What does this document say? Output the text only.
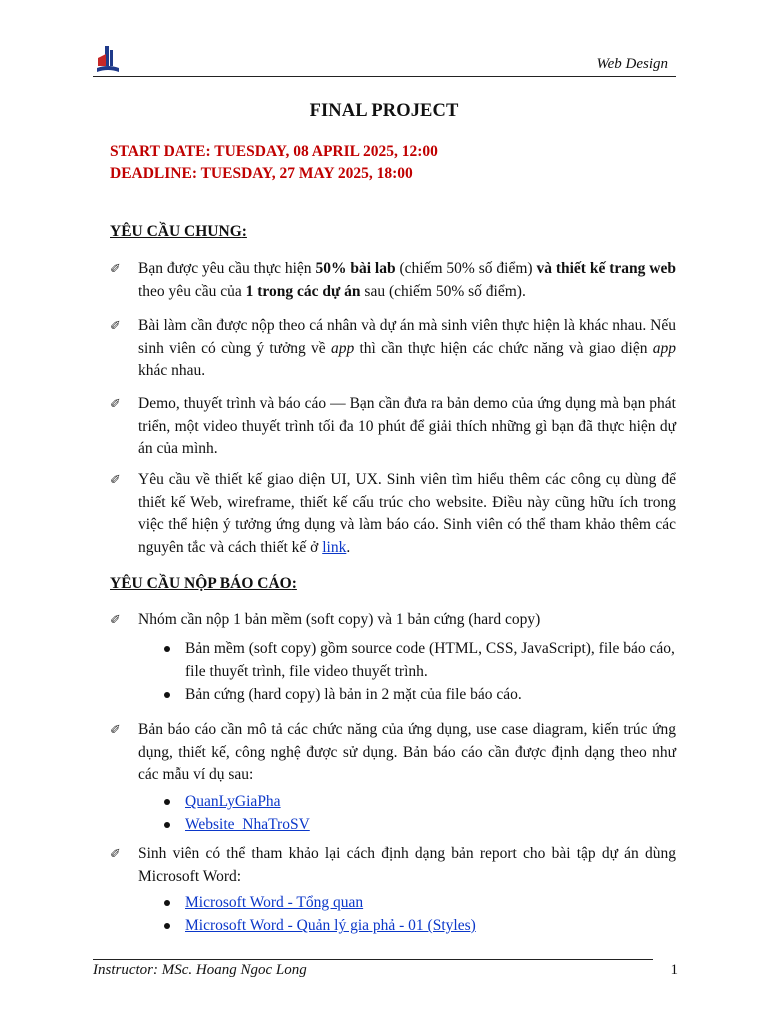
Web Design
FINAL PROJECT
START DATE: TUESDAY, 08 APRIL 2025, 12:00
DEADLINE: TUESDAY, 27 MAY 2025, 18:00
YÊU CẦU CHUNG:
✐	Bạn được yêu cầu thực hiện 50% bài lab (chiếm 50% số điểm) và thiết kế trang web theo yêu cầu của 1 trong các dự án sau (chiếm 50% số điểm).
✐	Bài làm cần được nộp theo cá nhân và dự án mà sinh viên thực hiện là khác nhau. Nếu sinh viên có cùng ý tưởng về app thì cần thực hiện các chức năng và giao diện app khác nhau.
✐	Demo, thuyết trình và báo cáo — Bạn cần đưa ra bản demo của ứng dụng mà bạn phát triển, một video thuyết trình tối đa 10 phút để giải thích những gì bạn đã thực hiện dự án của mình.
✐	Yêu cầu về thiết kế giao diện UI, UX. Sinh viên tìm hiểu thêm các công cụ dùng để thiết kế Web, wireframe, thiết kế cấu trúc cho website. Điều này cũng hữu ích trong việc thể hiện ý tưởng ứng dụng và làm báo cáo. Sinh viên có thể tham khảo thêm các nguyên tắc và cách thiết kế ở link.
YÊU CẦU NỘP BÁO CÁO:
✐	Nhóm cần nộp 1 bản mềm (soft copy) và 1 bản cứng (hard copy)
Bản mềm (soft copy) gồm source code (HTML, CSS, JavaScript), file báo cáo, file thuyết trình, file video thuyết trình.
Bản cứng (hard copy) là bản in 2 mặt của file báo cáo.
✐	Bản báo cáo cần mô tả các chức năng của ứng dụng, use case diagram, kiến trúc ứng dụng, thiết kế, công nghệ được sử dụng. Bản báo cáo cần được định dạng theo như các mẫu ví dụ sau:
QuanLyGiaPha
Website_NhaTroSV
✐	Sinh viên có thể tham khảo lại cách định dạng bản report cho bài tập dự án dùng Microsoft Word:
Microsoft Word - Tổng quan
Microsoft Word - Quản lý gia phả - 01 (Styles)
Instructor: MSc. Hoang Ngoc Long	1
